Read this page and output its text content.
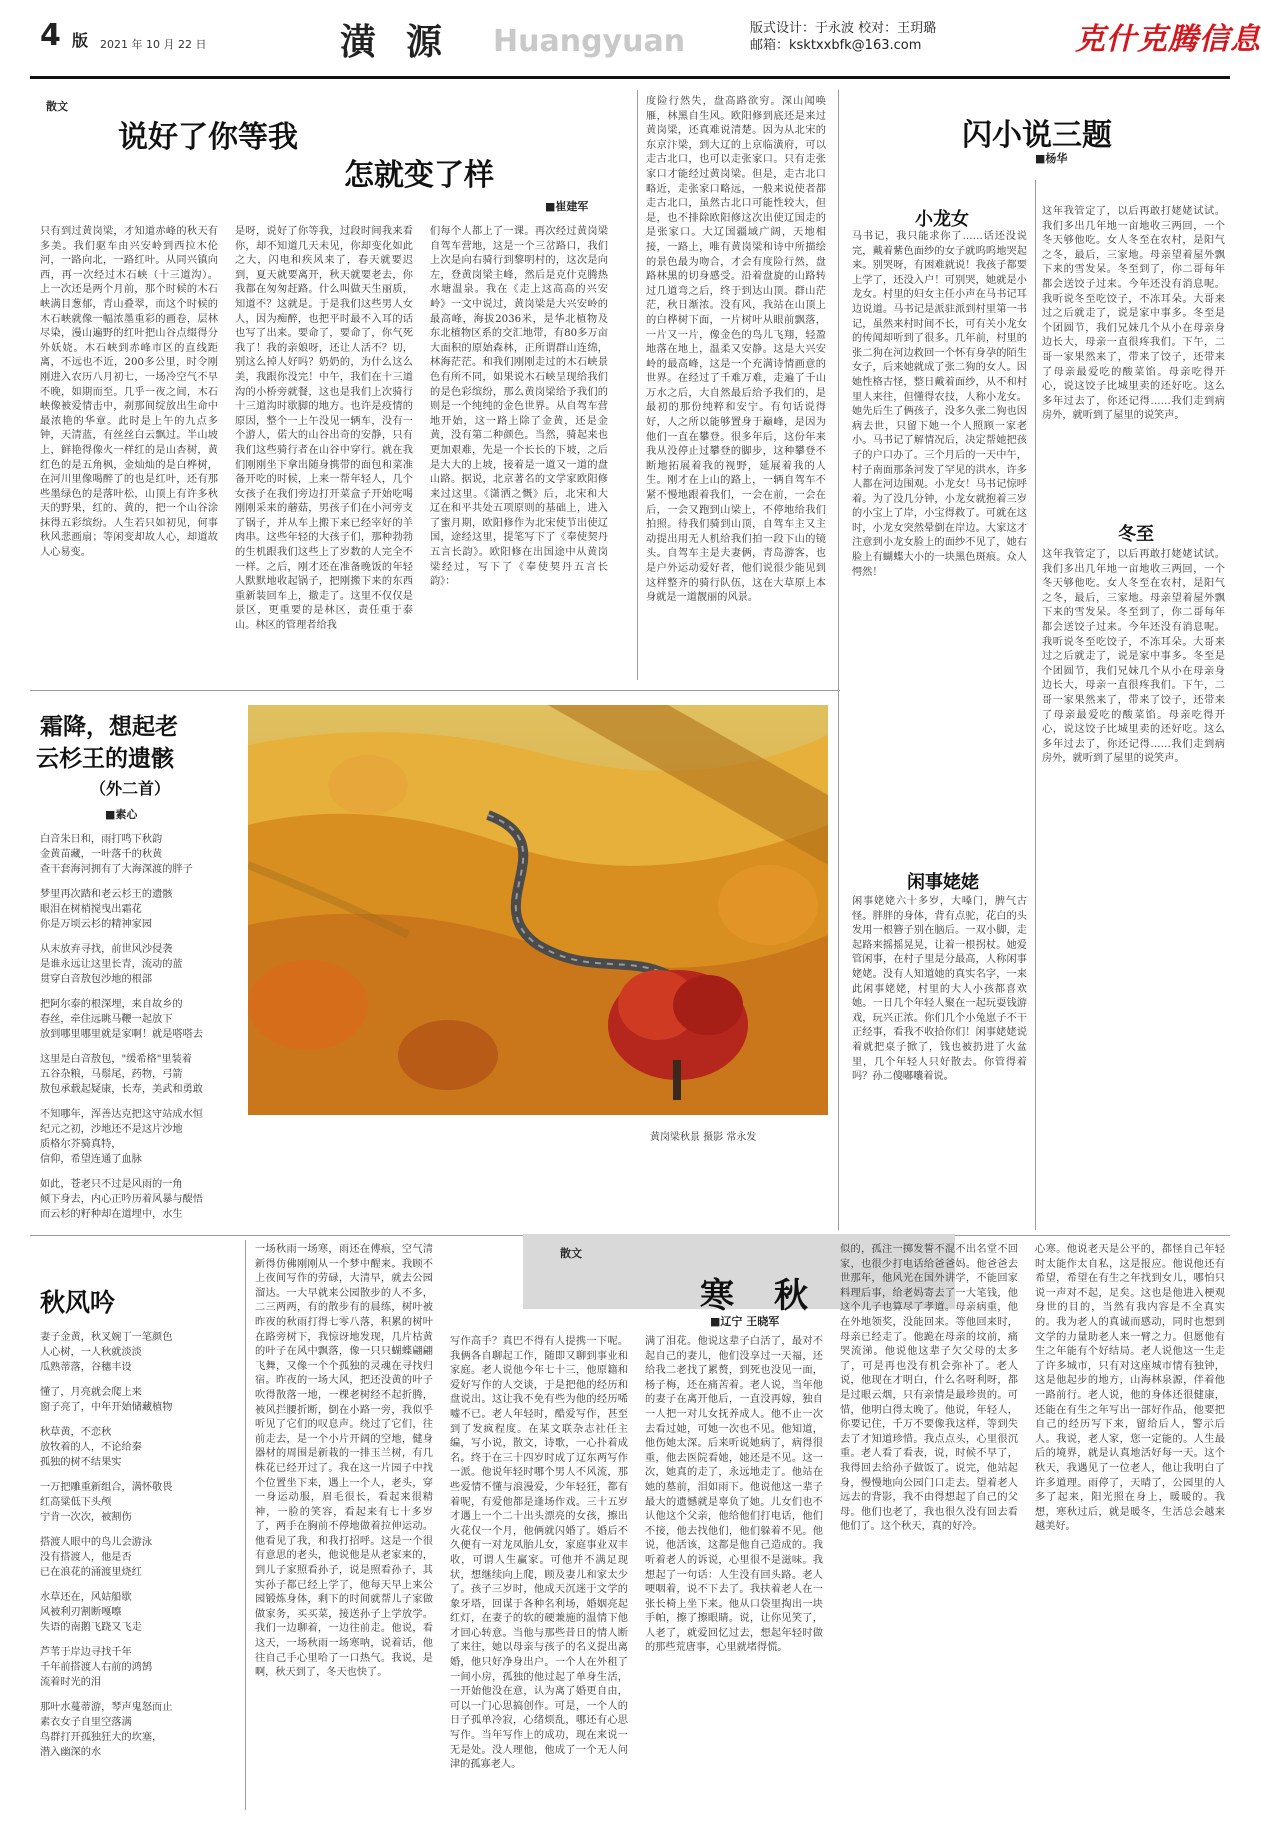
4 版 2021 年 10 月 22 日	潢源 Huangyuan	版式设计：于永波 校对：王玥璐
邮箱：ksktxxbfk@163.com	克什克腾信息
散文
说好了你等我
怎就变了样
■崔建军
只有到过黄岗梁，才知道赤峰的秋天有多美。我们驱车由兴安岭到西拉木伦河，一路向北，一路红叶。从同兴镇向西，再一次经过木石峡（十三道沟）。上一次还是两个月前，那个时候的木石峡满目葱郁，青山叠翠，而这个时候的木石峡就像一幅浓墨重彩的画卷，层林尽染，漫山遍野的红叶把山谷点缀得分外妖娆。木石峡到赤峰市区的直线距离，不远也不近，200多公里，时令刚刚进入农历八月初七，一场冷空气不早不晚，如期而至。几乎一夜之间，木石峡像被爱情击中，刹那间绽放出生命中最浓艳的华章。此时是上午的九点多钟，天清蓝，有丝丝白云飘过。半山坡上，鲜艳得像火一样红的是山杏树，黄红色的是五角枫，金灿灿的是白桦树，在河川里像喝醉了的也是红叶，还有那些墨绿色的是落叶松，山顶上有许多秋天的野果，红的、黄的，把一个山谷涂抹得五彩缤纷。人生若只如初见，何事秋风悲画扇；等闲变却故人心，却道故人心易变。
是呀，说好了你等我，过段时间我来看你，却不知道几天未见，你却变化如此之大，闪电和疾风来了，春天就要迟到，夏天就要离开，秋天就要老去，你我都在匆匆赶路。什么叫做天生丽质，知道不？这就是。于是我们这些男人女人，因为痴醉，也把平时最不入耳的话也写了出来。要命了，要命了，你气死我了！我的亲娘呀，还让人活不？切，别这么掉人好吗？奶奶的，为什么这么美，我跟你没完！中午，我们在十三道沟的小桥旁就餐，这也是我们上次骑行十三道沟时歇脚的地方。也许是疫情的原因，整个一上午没见一辆车，没有一个游人，偌大的山谷出奇的安静，只有我们这些骑行者在山谷中穿行。就在我们刚刚坐下拿出随身携带的面包和菜准备开吃的时候，上来一帮年轻人，几个女孩子在我们旁边打开菜盒子开始吃喝刚刚采来的蘑菇，男孩子们在小河旁支了锅子，并从车上搬下来已经宰好的羊肉串。这些年轻的大孩子们，那种勃勃的生机跟我们这些上了岁数的人完全不一样。之后，刚才还在准备晚饭的年轻人默默地收起锅子，把刚搬下来的东西重新装回车上，撤走了。这里不仅仅是景区，更重要的是林区，责任重于泰山。林区的管理者给我
们每个人都上了一课。再次经过黄岗梁自驾车营地，这是一个三岔路口，我们上次是向右骑行到黎明村的，这次是向左，登黄岗梁主峰，然后是克什克腾热水塘温泉。我在《走上这高高的兴安岭》一文中说过，黄岗梁是大兴安岭的最高峰，海拔2036米，是华北植物及东北植物区系的交汇地带，有80多万亩大面积的原始森林，正所谓群山连绵，林海茫茫。和我们刚刚走过的木石峡景色有所不同，如果说木石峡呈现给我们的是色彩缤纷，那么黄岗梁给予我们的则是一个纯纯的金色世界。从自驾车营地开始，这一路上除了金黄，还是金黄，没有第二种颜色。当然，骑起来也更加艰难，先是一个长长的下坡，之后是大大的上坡，接着是一道又一道的盘山路。据说，北京著名的文学家欧阳修来过这里。《潇洒之慨》后，北宋和大辽在和平共处五项原则的基础上，进入了蜜月期，欧阳修作为北宋使节出使辽国，途经这里，提笔写下了《奉使契丹五言长韵》。欧阳修在出国途中从黄岗梁经过，写下了《奉使契丹五言长韵》：
度险行然失，盘高路欲穷。深山闻唤雁，林黑自生风。欧阳修到底还是来过黄岗梁，还真难说清楚。因为从北宋的东京汴梁，到大辽的上京临潢府，可以走古北口，也可以走张家口。只有走张家口才能经过黄岗梁。但是，走古北口略近，走张家口略远，一般来说使者都走古北口，虽然古北口可能性较大，但是，也不排除欧阳修这次出使辽国走的是张家口。大辽国疆域广阔，天地相接，一路上，唯有黄岗梁和诗中所描绘的景色最为吻合，才会有度险行然，盘路林黑的切身感受。沿着盘旋的山路转过几道弯之后，终于到达山顶。群山茫茫，秋日渐浓。没有风，我站在山顶上的白桦树下面，一片树叶从眼前飘落，一片又一片，像金色的鸟儿飞翔，轻盈地落在地上，温柔又安静。这是大兴安岭的最高峰，这是一个充满诗情画意的世界。在经过了千难万难，走遍了千山万水之后，大自然最后给予我们的，是最初的那份纯粹和安宁。有句话说得好，人之所以能够置身于巅峰，是因为他们一直在攀登。很多年后，这份年来我从没停止过攀登的脚步，这种攀登不断地拓展着我的视野，延展着我的人生。刚才在上山的路上，一辆自驾车不紧不慢地跟着我们，一会在前，一会在后，一会又跑到山梁上，不停地给我们拍照。待我们骑到山顶，自驾车主又主动提出用无人机给我们拍一段下山的镜头。自驾车主是夫妻俩，青岛游客，也是户外运动爱好者，他们说很少能见到这样整齐的骑行队伍，这在大草原上本身就是一道靓丽的风景。
闪小说三题
■杨华
小龙女
马书记，我只能求你了……话还没说完，戴着紫色面纱的女子就呜呜地哭起来。别哭呀，有困难就说！我孩子都要上学了，还没入户！可别哭，她就是小龙女。村里的妇女主任小声在马书记耳边说道。马书记是派驻派到村里第一书记，虽然来村时间不长，可有关小龙女的传闻却听到了很多。几年前，村里的张二狗在河边救回一个怀有身孕的陌生女子，后来她就成了张二狗的女人。因她性格古怪，整日戴着面纱，从不和村里人来往，但懂得农技，人称小龙女。她先后生了俩孩子，没多久张二狗也因病去世，只留下她一个人照顾一家老小。马书记了解情况后，决定帮她把孩子的户口办了。三个月后的一天中午，村子南面那条河发了罕见的洪水，许多人都在河边围观。小龙女！马书记惊呼着。为了没几分钟，小龙女就抱着三岁的小宝上了岸，小宝得救了。可就在这时，小龙女突然晕倒在岸边。大家这才注意到小龙女脸上的面纱不见了，她右脸上有蝴蝶大小的一块黑色斑痕。众人愕然！
闲事姥姥
闲事姥姥六十多岁，大嗓门，脾气古怪。胖胖的身体，背有点驼，花白的头发用一根簪子别在脑后。一双小脚，走起路来摇摇晃晃，让着一根拐杖。她爱管闲事，在村子里是分最高，人称闲事姥姥。没有人知道她的真实名字，一来此闲事姥姥，村里的大人小孩都喜欢她。一日几个年轻人聚在一起玩耍钱游戏，玩兴正浓。你们几个小兔崽子不干正经事，看我不收拾你们！闲事姥姥说着就把桌子掀了，钱也被扔进了火盆里，几个年轻人只好散去。你管得着吗？孙二傻嘟囔着说。
这年我管定了，以后再敢打姥姥试试。我们多出几年地一亩地收三两回，一个冬天够他吃。女人冬至在农村，是阳气之冬，最后，三家地。母亲望着屋外飘下来的雪发呆。冬至到了，你二哥每年都会送饺子过来。今年还没有消息呢。我听说冬至吃饺子，不冻耳朵。大哥来过之后就走了，说是家中事多。冬至是个团圆节，我们兄妹几个从小在母亲身边长大，母亲一直很疼我们。下午，二哥一家果然来了，带来了饺子，还带来了母亲最爱吃的酸菜馅。母亲吃得开心，说这饺子比城里卖的还好吃。这么多年过去了，你还记得……我们走到病房外，就听到了屋里的说笑声。
冬至
这年我管定了，以后再敢打姥姥试试。我们多出几年地一亩地收三两回，一个冬天够他吃。女人冬至在农村，是阳气之冬，最后，三家地。母亲望着屋外飘下来的雪发呆。冬至到了，你二哥每年都会送饺子过来。今年还没有消息呢。我听说冬至吃饺子，不冻耳朵。大哥来过之后就走了，说是家中事多。冬至是个团圆节，我们兄妹几个从小在母亲身边长大，母亲一直很疼我们。下午，二哥一家果然来了，带来了饺子，还带来了母亲最爱吃的酸菜馅。母亲吃得开心，说这饺子比城里卖的还好吃。这么多年过去了，你还记得……我们走到病房外，就听到了屋里的说笑声。
霜降，想起老
云杉王的遗骸
（外二首）
■素心
白音朱日和，雨打鸣下秋韵
金黄苗藏，一叶落千的秋黄
查干套海河拥有了大海深渡的胖子
梦里再次踏和老云杉王的遗骸
眼泪在树梢搅曳出霜花
你是万顷云杉的精神家园
从末放弃寻找，前世风沙侵袭
是谁永远让这里长青，流动的蓝
贯穿白音敖包沙地的根部
把阿尔泰的根深埋，来自故乡的
春丝，牵住远眺马鞭一起放下
放到哪里哪里就是家啊！就是嗒嗒去
这里是白音敖包，"缓希格"里装着
五谷杂粮，马鬃尾，药物，弓箭
敖包承载起疑康，长寿，美武和勇敢
不知哪年，浑善达克把这守站成水恒
纪元之初，沙地还不是这片沙地
质格尔芥骑真特，
信仰，希望连通了血脉
如此，苍老只不过是风雨的一角
倾下身去，内心正吟历着风暴与醍悟
而云杉的籽种却在道埋中，水生
黄岗梁秋景 摄影 常永发
秋风吟
妻子金黄，秋叉婉丁一笔颜色
人心树，一人秋就淡淡
瓜熟蒂落，谷穗丰设
懂了，月亮就会爬上来
窗子亮了，中年开始储藏植物
秋草黄，不恋秋
放牧着的人，不论给秦
孤独的树不结果实
一万把雕重新组合，满怀敬畏
红高粱低下头颅
宁肯一次次，被割伤
搭渡人眼中的鸟儿会游泳
没有搭渡人，他是否
已在浪花的涌渡里烧红
水草还在，风姑船歇
风被利刃割断嘎嚓
失语的南鹅飞跷又飞走
芦苇于岸边寻找千年
千年前搭渡人右前的鸿鹄
流着时光的泪
那叶水蔓蒂游，琴声鬼怒而止
素衣女子自里空落满
鸟群打开孤独狂大的坎塞，
潜入幽深的水
散文
寒秋
■辽宁 王晓军
一场秋雨一场寒，雨还在傅痕，空气清新得仿佛刚刚从一个梦中醒来。我顾不上夜间写作的劳碌，大清早，就去公园溜达。一大早就来公园散步的人不多，二三两两，有的散步有的晨练，树叶被昨夜的秋雨打得七零八落，积累的树叶在路旁树下，我惊讶地发现，几片枯黄的叶子在风中飘落，像一只只蝴蝶翩翩飞舞，又像一个个孤独的灵魂在寻找归宿。昨夜的一场大风，把还没黄的叶子吹得散落一地，一棵老树经不起折腾，被风拦腰折断，倒在小路一旁，我似乎听见了它们的叹息声。绕过了它们，往前走去，是一个小片开阔的空地，健身器材的周围是新栽的一排玉兰树，有几株花已经开过了。我在这一片园子中找个位置坐下来，遇上一个人，老头，穿一身运动服，眉毛很长，看起来很精神，一脸的笑容，看起来有七十多岁了，两手在胸前不停地做着拉伸运动。他看见了我，和我打招呼。这是一个很有意思的老头，他说他是从老家来的，到儿子家照看孙子，说是照看孙子，其实孙子都已经上学了，他每天早上来公园锻炼身体，剩下的时间就帮儿子家做做家务，买买菜，接送孙子上学放学。我们一边聊着，一边往前走。他说，看这天，一场秋雨一场寒呐，说着话，他往自己手心里哈了一口热气。我说，是啊，秋天到了，冬天也快了。
写作高手？真巴不得有人提携一下呢。我俩各自聊起工作，随即又聊到事业和家庭。老人说他今年七十三，他原籍和爱好写作的人交谈，于是把他的经历和盘说出。这让我不免有些为他的经历唏嘘不已。老人年轻时，酷爱写作，甚至到了发疯程度。在某文联杂志社任主编，写小说，散文，诗歌，一心扑着成名。终于在三十四岁时成了辽东两写作一派。他说年轻时哪个男人不风流，那些爱情不懂与浪漫爱，少年轻狂，都有着呢，有爱他都是逢场作戏。三十五岁才遇上一个二十出头漂亮的女孩，擦出火花仅一个月，他俩就闪婚了。婚后不久便有一对龙凤胎儿女，家庭事业双丰收，可谓人生赢家。可他并不满足现状，想继续向上爬，顾及妻儿和家太少了。孩子三岁时，他成天沉迷于文学的象牙塔，回谋于各种名利场，婚姻亮起红灯，在妻子的软的硬兼施的温情下他才回心转意。当他与那些昔日的情人断了来往，她以母亲与孩子的名义提出离婚，他只好净身出户。一个人在外租了一间小房，孤独的他过起了单身生活，一开始他没在意，认为离了婚更自由，可以一门心思搞创作。可是，一个人的日子孤单冷寂，心绪烦乱，哪还有心思写作。当年写作上的成功，现在来说一无是处。没人理他，他成了一个无人问津的孤寡老人。
满了泪花。他说这辈子白活了，最对不起自己的妻儿，他们没享过一天福，还给我二老找了累赘，到死也没见一面，杨子梅，还在痛苦着。老人说，当年他的妻子在离开他后，一直没再嫁，独自一人把一对儿女抚养成人。他不止一次去看过她，可她一次也不见。他知道，他伤她太深。后来听说她病了，病得很重，他去医院看她，她还是不见。这一次，她真的走了，永远地走了。他站在她的墓前，泪如雨下。他说他这一辈子最大的遗憾就是辜负了她。儿女们也不认他这个父亲，他给他们打电话，他们不接，他去找他们，他们躲着不见。他说，他活该，这都是他自己造成的。我听着老人的诉说，心里很不是滋味。我想起了一句话：人生没有回头路。老人哽咽着，说不下去了。我扶着老人在一张长椅上坐下来。他从口袋里掏出一块手帕，擦了擦眼睛。说，让你见笑了，人老了，就爱回忆过去，想起年轻时做的那些荒唐事，心里就堵得慌。
似的，孤注一掷发誓不混不出名堂不回家，也很少打电话给爸爸妈。他爸爸去世那年，他风光在国外讲学，不能回家料理后事，给老妈寄去了一大笔钱，他这个儿子也算尽了孝道。母亲病重，他在外地领奖，没能回来。等他回来时，母亲已经走了。他跪在母亲的坟前，痛哭流涕。他说他这辈子欠父母的太多了，可是再也没有机会弥补了。老人说，他现在才明白，什么名呀利呀，都是过眼云烟，只有亲情是最珍贵的。可惜，他明白得太晚了。他说，年轻人，你要记住，千万不要像我这样，等到失去了才知道珍惜。我点点头，心里很沉重。老人看了看表，说，时候不早了，我得回去给孙子做饭了。说完，他站起身，慢慢地向公园门口走去。望着老人远去的背影，我不由得想起了自己的父母。他们也老了，我也很久没有回去看他们了。这个秋天，真的好冷。
心寒。他说老天是公平的，都怪自己年轻时太能作太自私，这是报应。他说他还有希望，希望在有生之年找到女儿，哪怕只说一声对不起，足矣。这也是他进入梗观身世的目的，当然有我内容是不全真实的。我为老人的真诚而感动，同时也想到文学的力量助老人来一臂之力。但愿他有生之年能有个好结局。老人说他这一生走了许多城市，只有对这座城市情有独钟，这是他起步的地方，山海林泉源，伴着他一路前行。老人说，他的身体还很健康，还能在有生之年写出一部好作品，他要把自己的经历写下来，留给后人，警示后人。我说，老人家，您一定能的。人生最后的境界，就是认真地活好每一天。这个秋天，我遇见了一位老人，他让我明白了许多道理。雨停了，天晴了，公园里的人多了起来，阳光照在身上，暖暖的。我想，寒秋过后，就是暖冬，生活总会越来越美好。
